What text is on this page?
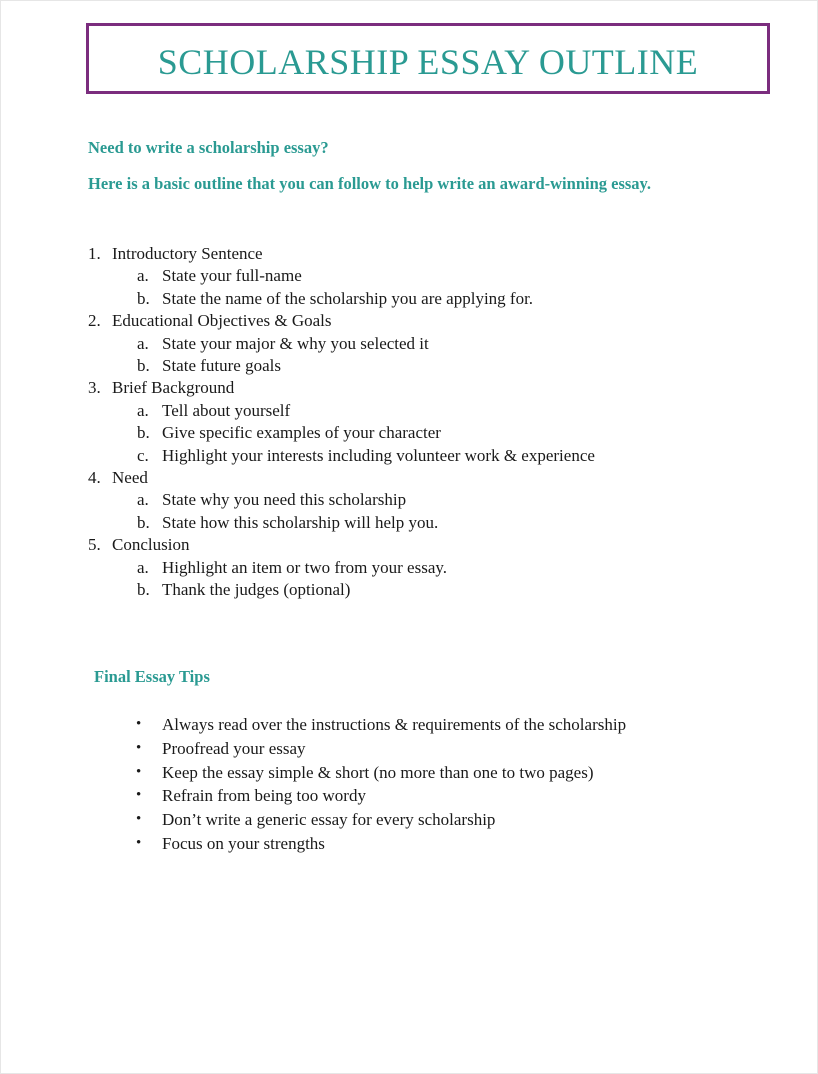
SCHOLARSHIP ESSAY OUTLINE
Need to write a scholarship essay?
Here is a basic outline that you can follow to help write an award-winning essay.
1. Introductory Sentence
a. State your full-name
b. State the name of the scholarship you are applying for.
2. Educational Objectives & Goals
a. State your major & why you selected it
b. State future goals
3. Brief Background
a. Tell about yourself
b. Give specific examples of your character
c. Highlight your interests including volunteer work & experience
4. Need
a. State why you need this scholarship
b. State how this scholarship will help you.
5. Conclusion
a. Highlight an item or two from your essay.
b. Thank the judges (optional)
Final Essay Tips
•	Always read over the instructions & requirements of the scholarship
•	Proofread your essay
•	Keep the essay simple & short (no more than one to two pages)
•	Refrain from being too wordy
•	Don’t write a generic essay for every scholarship
•	Focus on your strengths
